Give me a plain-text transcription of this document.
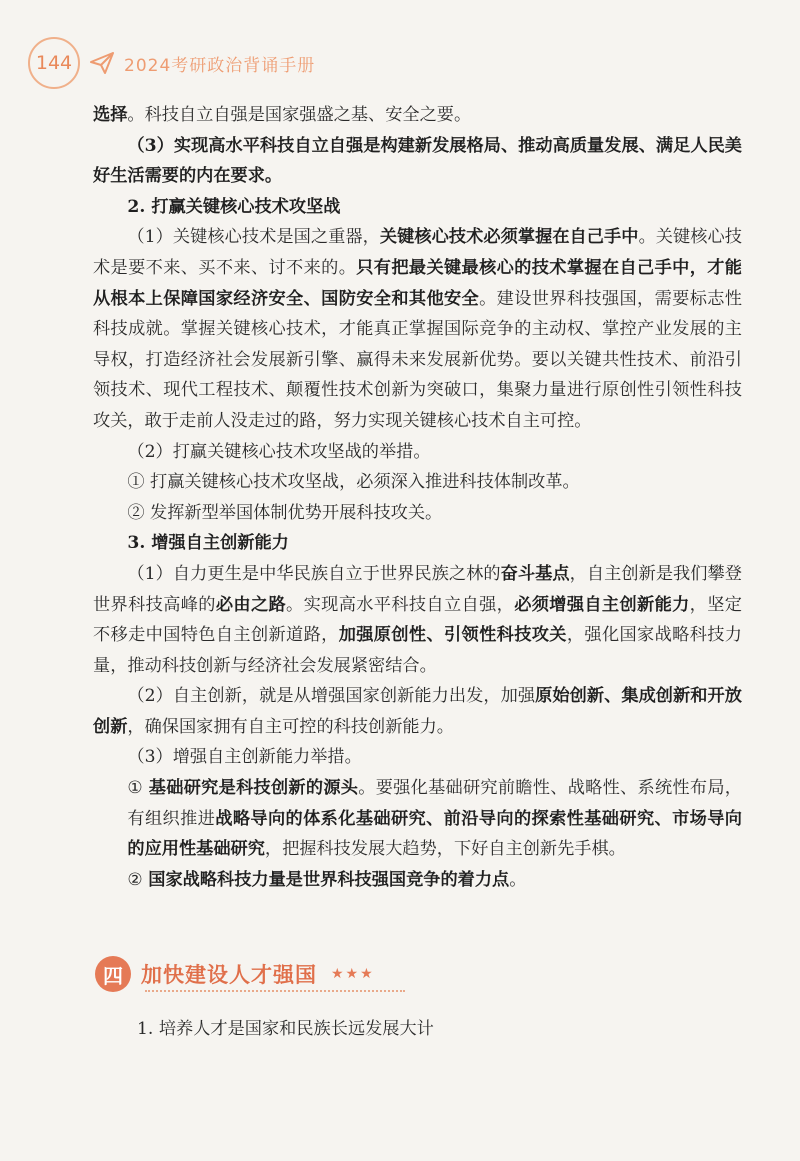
144	2024考研政治背诵手册

选择。科技自立自强是国家强盛之基、安全之要。

（3）实现高水平科技自立自强是构建新发展格局、推动高质量发展、满足人民美好生活需要的内在要求。

2. 打赢关键核心技术攻坚战

（1）关键核心技术是国之重器，关键核心技术必须掌握在自己手中。关键核心技术是要不来、买不来、讨不来的。只有把最关键最核心的技术掌握在自己手中，才能从根本上保障国家经济安全、国防安全和其他安全。建设世界科技强国，需要标志性科技成就。掌握关键核心技术，才能真正掌握国际竞争的主动权、掌控产业发展的主导权，打造经济社会发展新引擎、赢得未来发展新优势。要以关键共性技术、前沿引领技术、现代工程技术、颠覆性技术创新为突破口，集聚力量进行原创性引领性科技攻关，敢于走前人没走过的路，努力实现关键核心技术自主可控。

（2）打赢关键核心技术攻坚战的举措。

① 打赢关键核心技术攻坚战，必须深入推进科技体制改革。

② 发挥新型举国体制优势开展科技攻关。

3. 增强自主创新能力

（1）自力更生是中华民族自立于世界民族之林的奋斗基点，自主创新是我们攀登世界科技高峰的必由之路。实现高水平科技自立自强，必须增强自主创新能力，坚定不移走中国特色自主创新道路，加强原创性、引领性科技攻关，强化国家战略科技力量，推动科技创新与经济社会发展紧密结合。

（2）自主创新，就是从增强国家创新能力出发，加强原始创新、集成创新和开放创新，确保国家拥有自主可控的科技创新能力。

（3）增强自主创新能力举措。

① 基础研究是科技创新的源头。要强化基础研究前瞻性、战略性、系统性布局，有组织推进战略导向的体系化基础研究、前沿导向的探索性基础研究、市场导向的应用性基础研究，把握科技发展大趋势，下好自主创新先手棋。

② 国家战略科技力量是世界科技强国竞争的着力点。

四 加快建设人才强国 ★★★
1. 培养人才是国家和民族长远发展大计
